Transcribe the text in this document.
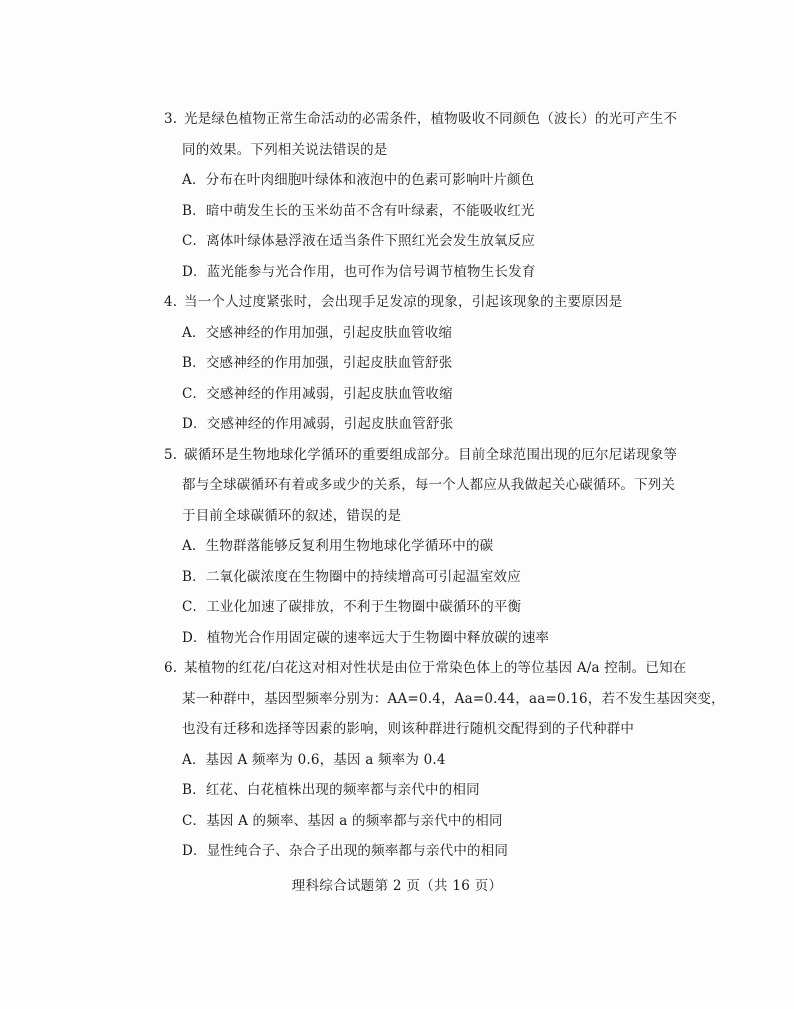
3. 光是绿色植物正常生命活动的必需条件，植物吸收不同颜色（波长）的光可产生不
同的效果。下列相关说法错误的是
A．分布在叶肉细胞叶绿体和液泡中的色素可影响叶片颜色
B．暗中萌发生长的玉米幼苗不含有叶绿素，不能吸收红光
C．离体叶绿体悬浮液在适当条件下照红光会发生放氧反应
D．蓝光能参与光合作用，也可作为信号调节植物生长发育
4. 当一个人过度紧张时，会出现手足发凉的现象，引起该现象的主要原因是
A．交感神经的作用加强，引起皮肤血管收缩
B．交感神经的作用加强，引起皮肤血管舒张
C．交感神经的作用减弱，引起皮肤血管收缩
D．交感神经的作用减弱，引起皮肤血管舒张
5. 碳循环是生物地球化学循环的重要组成部分。目前全球范围出现的厄尔尼诺现象等
都与全球碳循环有着或多或少的关系，每一个人都应从我做起关心碳循环。下列关
于目前全球碳循环的叙述，错误的是
A．生物群落能够反复利用生物地球化学循环中的碳
B．二氧化碳浓度在生物圈中的持续增高可引起温室效应
C．工业化加速了碳排放，不利于生物圈中碳循环的平衡
D．植物光合作用固定碳的速率远大于生物圈中释放碳的速率
6. 某植物的红花/白花这对相对性状是由位于常染色体上的等位基因 A/a 控制。已知在
某一种群中，基因型频率分别为：AA=0.4，Aa=0.44，aa=0.16，若不发生基因突变，
也没有迁移和选择等因素的影响，则该种群进行随机交配得到的子代种群中
A．基因 A 频率为 0.6，基因 a 频率为 0.4
B．红花、白花植株出现的频率都与亲代中的相同
C．基因 A 的频率、基因 a 的频率都与亲代中的相同
D．显性纯合子、杂合子出现的频率都与亲代中的相同
理科综合试题第 2 页（共 16 页）
